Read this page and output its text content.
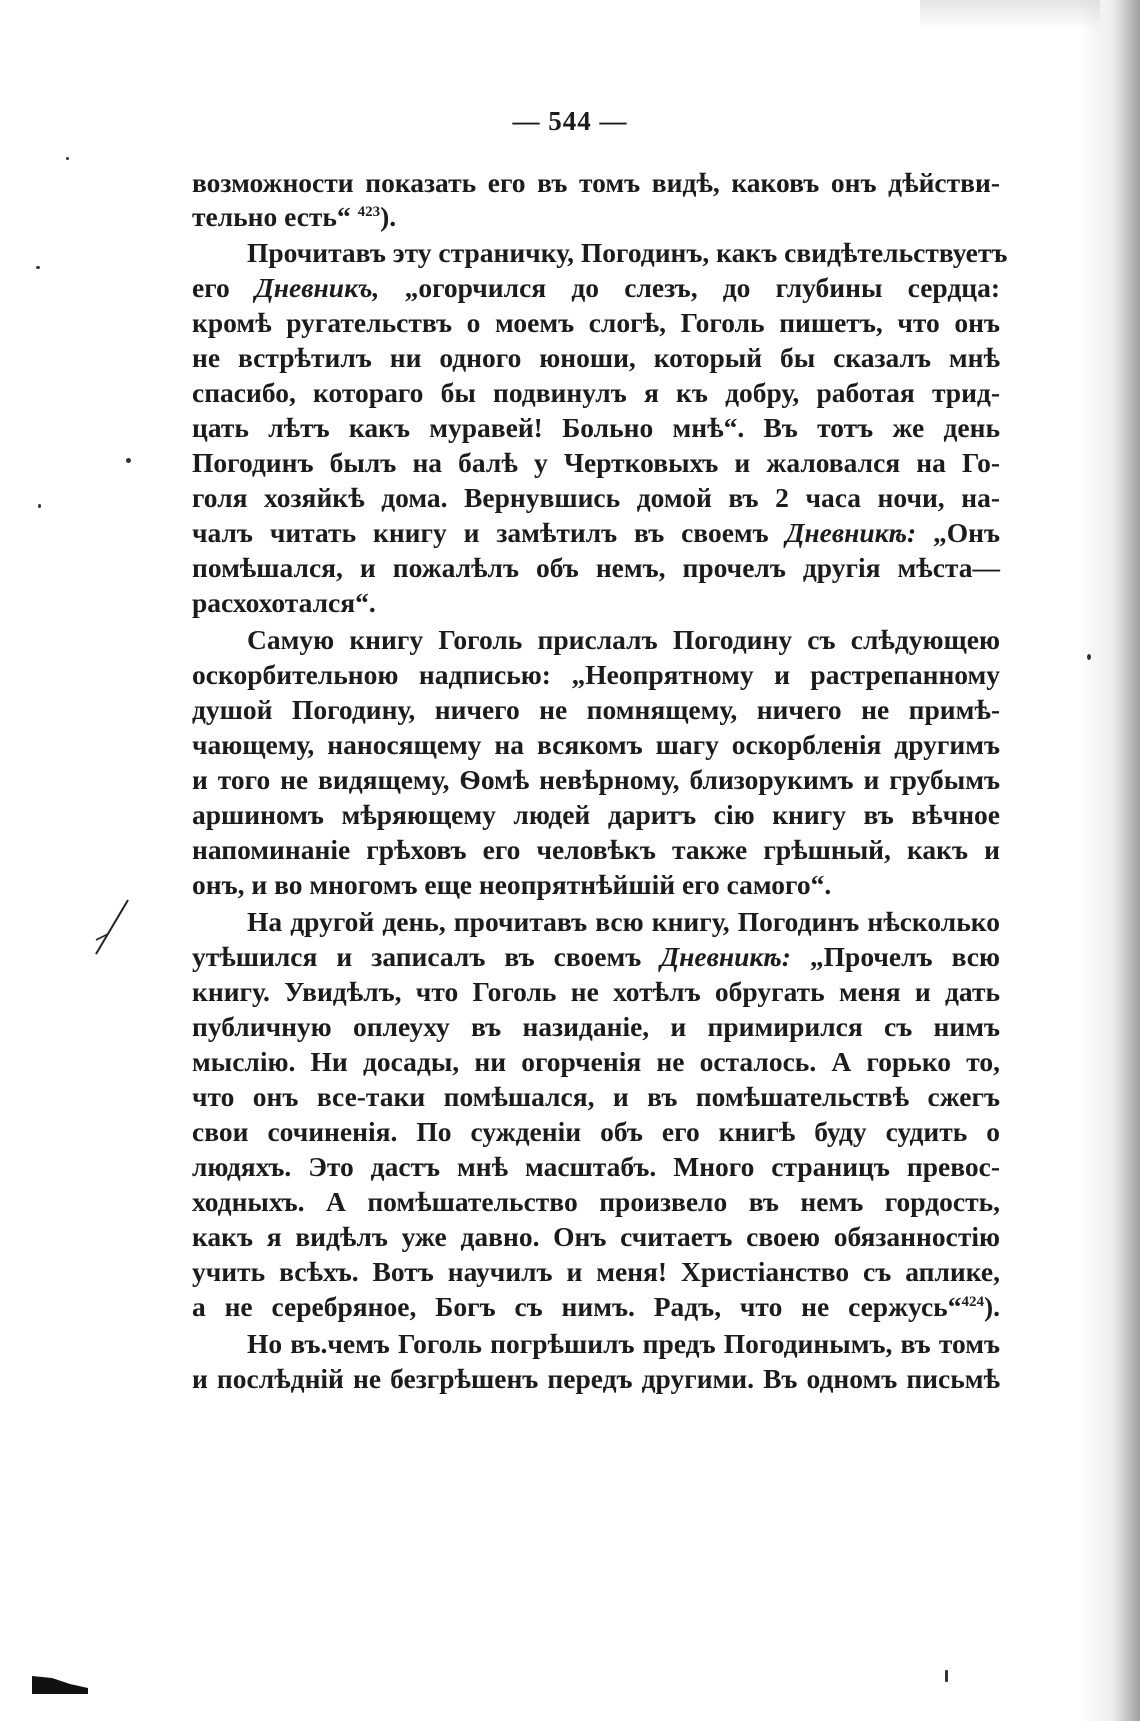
— 544 —
возможности показать его въ томъ видѣ, каковъ онъ дѣйстви-
тельно есть“ $^{423}$).
Прочитавъ эту страничку, Погодинъ, какъ свидѣтельствуетъ
его Дневникъ, „огорчился до слезъ, до глубины сердца:
кромѣ ругательствъ о моемъ слогѣ, Гоголь пишетъ, что онъ
не встрѣтилъ ни одного юноши, который бы сказалъ мнѣ
спасибо, котораго бы подвинулъ я къ добру, работая трид-
цать лѣтъ какъ муравей! Больно мнѣ“. Въ тотъ же день
Погодинъ былъ на балѣ у Чертковыхъ и жаловался на Го-
голя хозяйкѣ дома. Вернувшись домой въ 2 часа ночи, на-
чалъ читать книгу и замѣтилъ въ своемъ Дневникѣ: „Онъ
помѣшался, и пожалѣлъ объ немъ, прочелъ другія мѣста—
расхохотался“.
Самую книгу Гоголь прислалъ Погодину съ слѣдующею
оскорбительною надписью: „Неопрятному и растрепанному
душой Погодину, ничего не помнящему, ничего не примѣ-
чающему, наносящему на всякомъ шагу оскорбленія другимъ
и того не видящему, Ѳомѣ невѣрному, близорукимъ и грубымъ
аршиномъ мѣряющему людей даритъ сію книгу въ вѣчное
напоминаніе грѣховъ его человѣкъ также грѣшный, какъ и
онъ, и во многомъ еще неопрятнѣйшій его самого“.
На другой день, прочитавъ всю книгу, Погодинъ нѣсколько
утѣшился и записалъ въ своемъ Дневникѣ: „Прочелъ всю
книгу. Увидѣлъ, что Гоголь не хотѣлъ обругать меня и дать
публичную оплеуху въ назиданіе, и примирился съ нимъ
мыслію. Ни досады, ни огорченія не осталось. А горько то,
что онъ все-таки помѣшался, и въ помѣшательствѣ сжегъ
свои сочиненія. По сужденіи объ его книгѣ буду судить о
людяхъ. Это дастъ мнѣ масштабъ. Много страницъ превос-
ходныхъ. А помѣшательство произвело въ немъ гордость,
какъ я видѣлъ уже давно. Онъ считаетъ своею обязанностію
учить всѣхъ. Вотъ научилъ и меня! Христіанство съ аплике,
а не серебряное, Богъ съ нимъ. Радъ, что не сержусь“$^{424}$).
Но въ.чемъ Гоголь погрѣшилъ предъ Погодинымъ, въ томъ
и послѣдній не безгрѣшенъ передъ другими. Въ одномъ письмѣ
